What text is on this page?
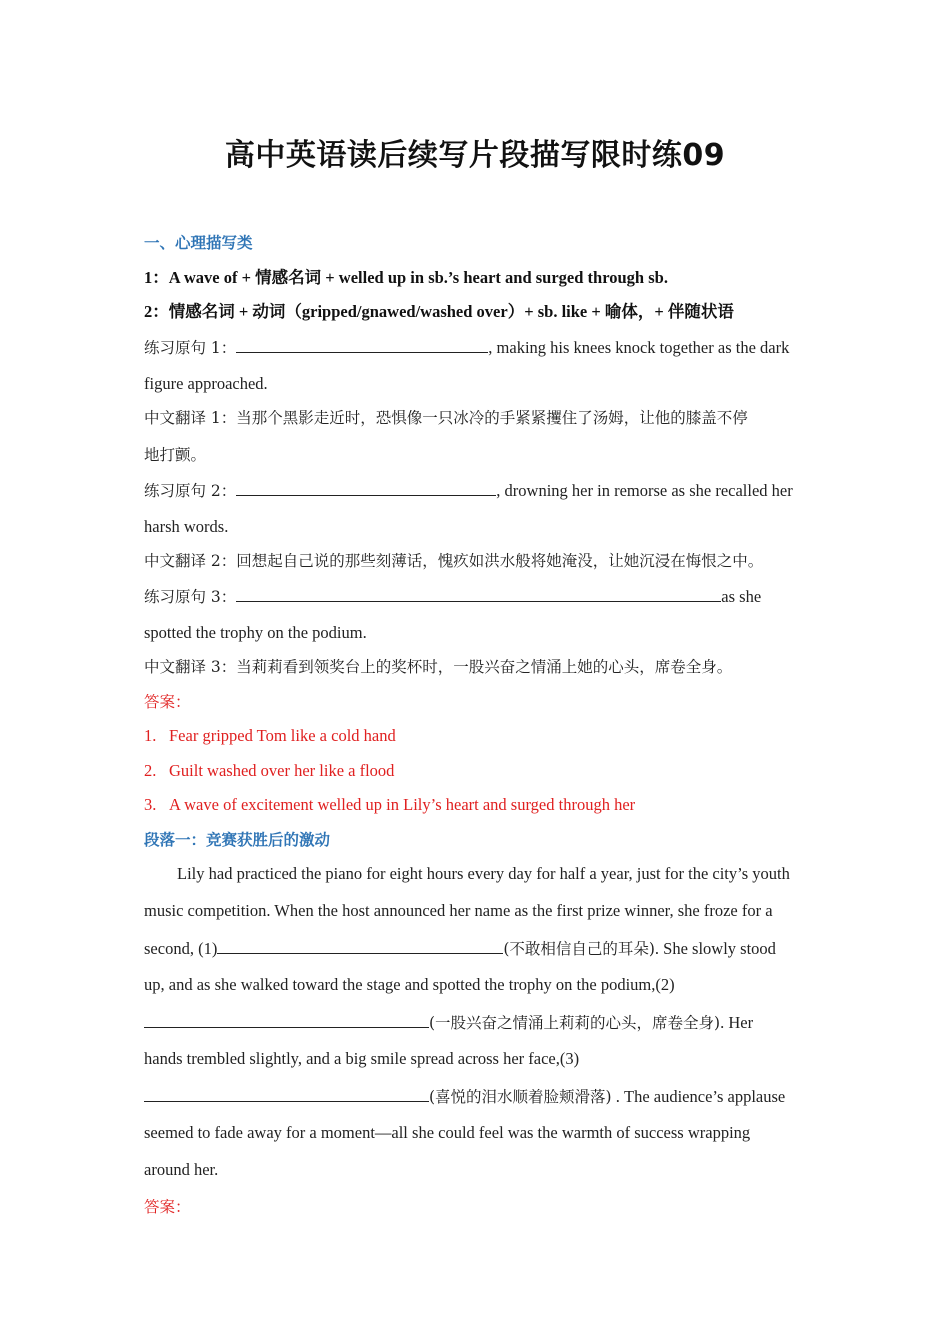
高中英语读后续写片段描写限时练09
一、心理描写类
1：A wave of + 情感名词 + welled up in sb.’s heart and surged through sb.
2：情感名词 + 动词（gripped/gnawed/washed over）+ sb. like + 喻体，+ 伴随状语
练习原句 1：	, making his knees knock together as the dark
figure approached.
中文翻译 1：当那个黑影走近时，恐惧像一只冰冷的手紧紧攫住了汤姆，让他的膝盖不停
地打颤。
练习原句 2：	, drowning her in remorse as she recalled her
harsh words.
中文翻译 2：回想起自己说的那些刻薄话，愧疚如洪水般将她淹没，让她沉浸在悔恨之中。
练习原句 3：	as she
spotted the trophy on the podium.
中文翻译 3：当莉莉看到领奖台上的奖杯时，一股兴奋之情涌上她的心头，席卷全身。
答案：
1. Fear gripped Tom like a cold hand
2. Guilt washed over her like a flood
3. A wave of excitement welled up in Lily’s heart and surged through her
段落一：竞赛获胜后的激动
Lily had practiced the piano for eight hours every day for half a year, just for the city’s youth
music competition. When the host announced her name as the first prize winner, she froze for a
second, (1)	(不敢相信自己的耳朵). She slowly stood
up, and as she walked toward the stage and spotted the trophy on the podium,(2)
(一股兴奋之情涌上莉莉的心头，席卷全身). Her
hands trembled slightly, and a big smile spread across her face,(3)
(喜悦的泪水顺着脸颊滑落) . The audience’s applause
seemed to fade away for a moment—all she could feel was the warmth of success wrapping
around her.
答案：
